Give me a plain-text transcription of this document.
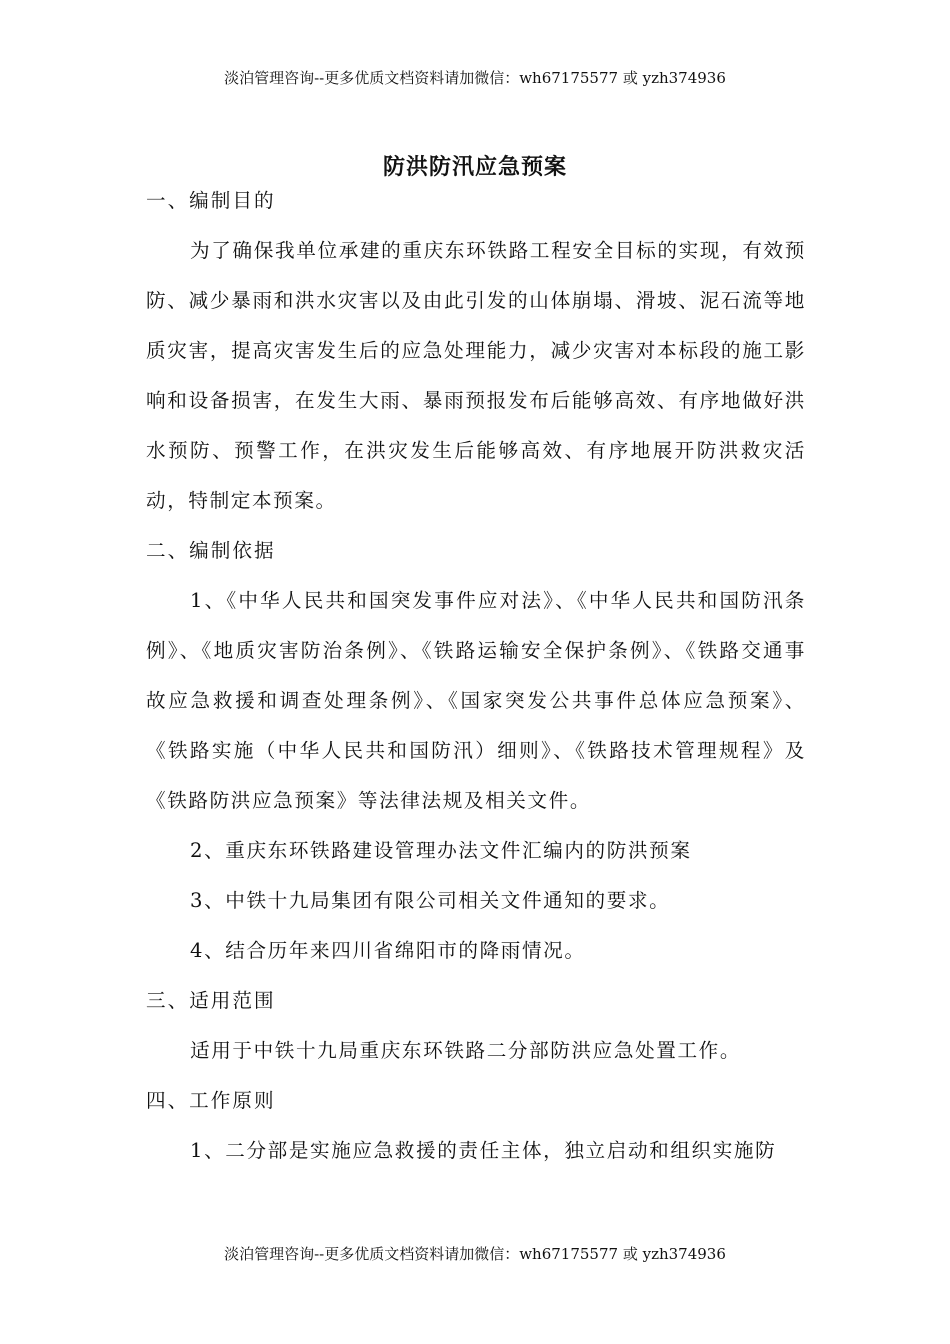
淡泊管理咨询--更多优质文档资料请加微信：wh67175577 或 yzh374936
防洪防汛应急预案

一、编制目的

为了确保我单位承建的重庆东环铁路工程安全目标的实现，有效预防、减少暴雨和洪水灾害以及由此引发的山体崩塌、滑坡、泥石流等地质灾害，提高灾害发生后的应急处理能力，减少灾害对本标段的施工影响和设备损害，在发生大雨、暴雨预报发布后能够高效、有序地做好洪水预防、预警工作，在洪灾发生后能够高效、有序地展开防洪救灾活动，特制定本预案。

二、编制依据

1、《中华人民共和国突发事件应对法》、《中华人民共和国防汛条例》、《地质灾害防治条例》、《铁路运输安全保护条例》、《铁路交通事故应急救援和调查处理条例》、《国家突发公共事件总体应急预案》、《铁路实施（中华人民共和国防汛）细则》、《铁路技术管理规程》及《铁路防洪应急预案》等法律法规及相关文件。

2、重庆东环铁路建设管理办法文件汇编内的防洪预案

3、中铁十九局集团有限公司相关文件通知的要求。

4、结合历年来四川省绵阳市的降雨情况。

三、适用范围

适用于中铁十九局重庆东环铁路二分部防洪应急处置工作。

四、工作原则

1、二分部是实施应急救援的责任主体，独立启动和组织实施防

淡泊管理咨询--更多优质文档资料请加微信：wh67175577 或 yzh374936
